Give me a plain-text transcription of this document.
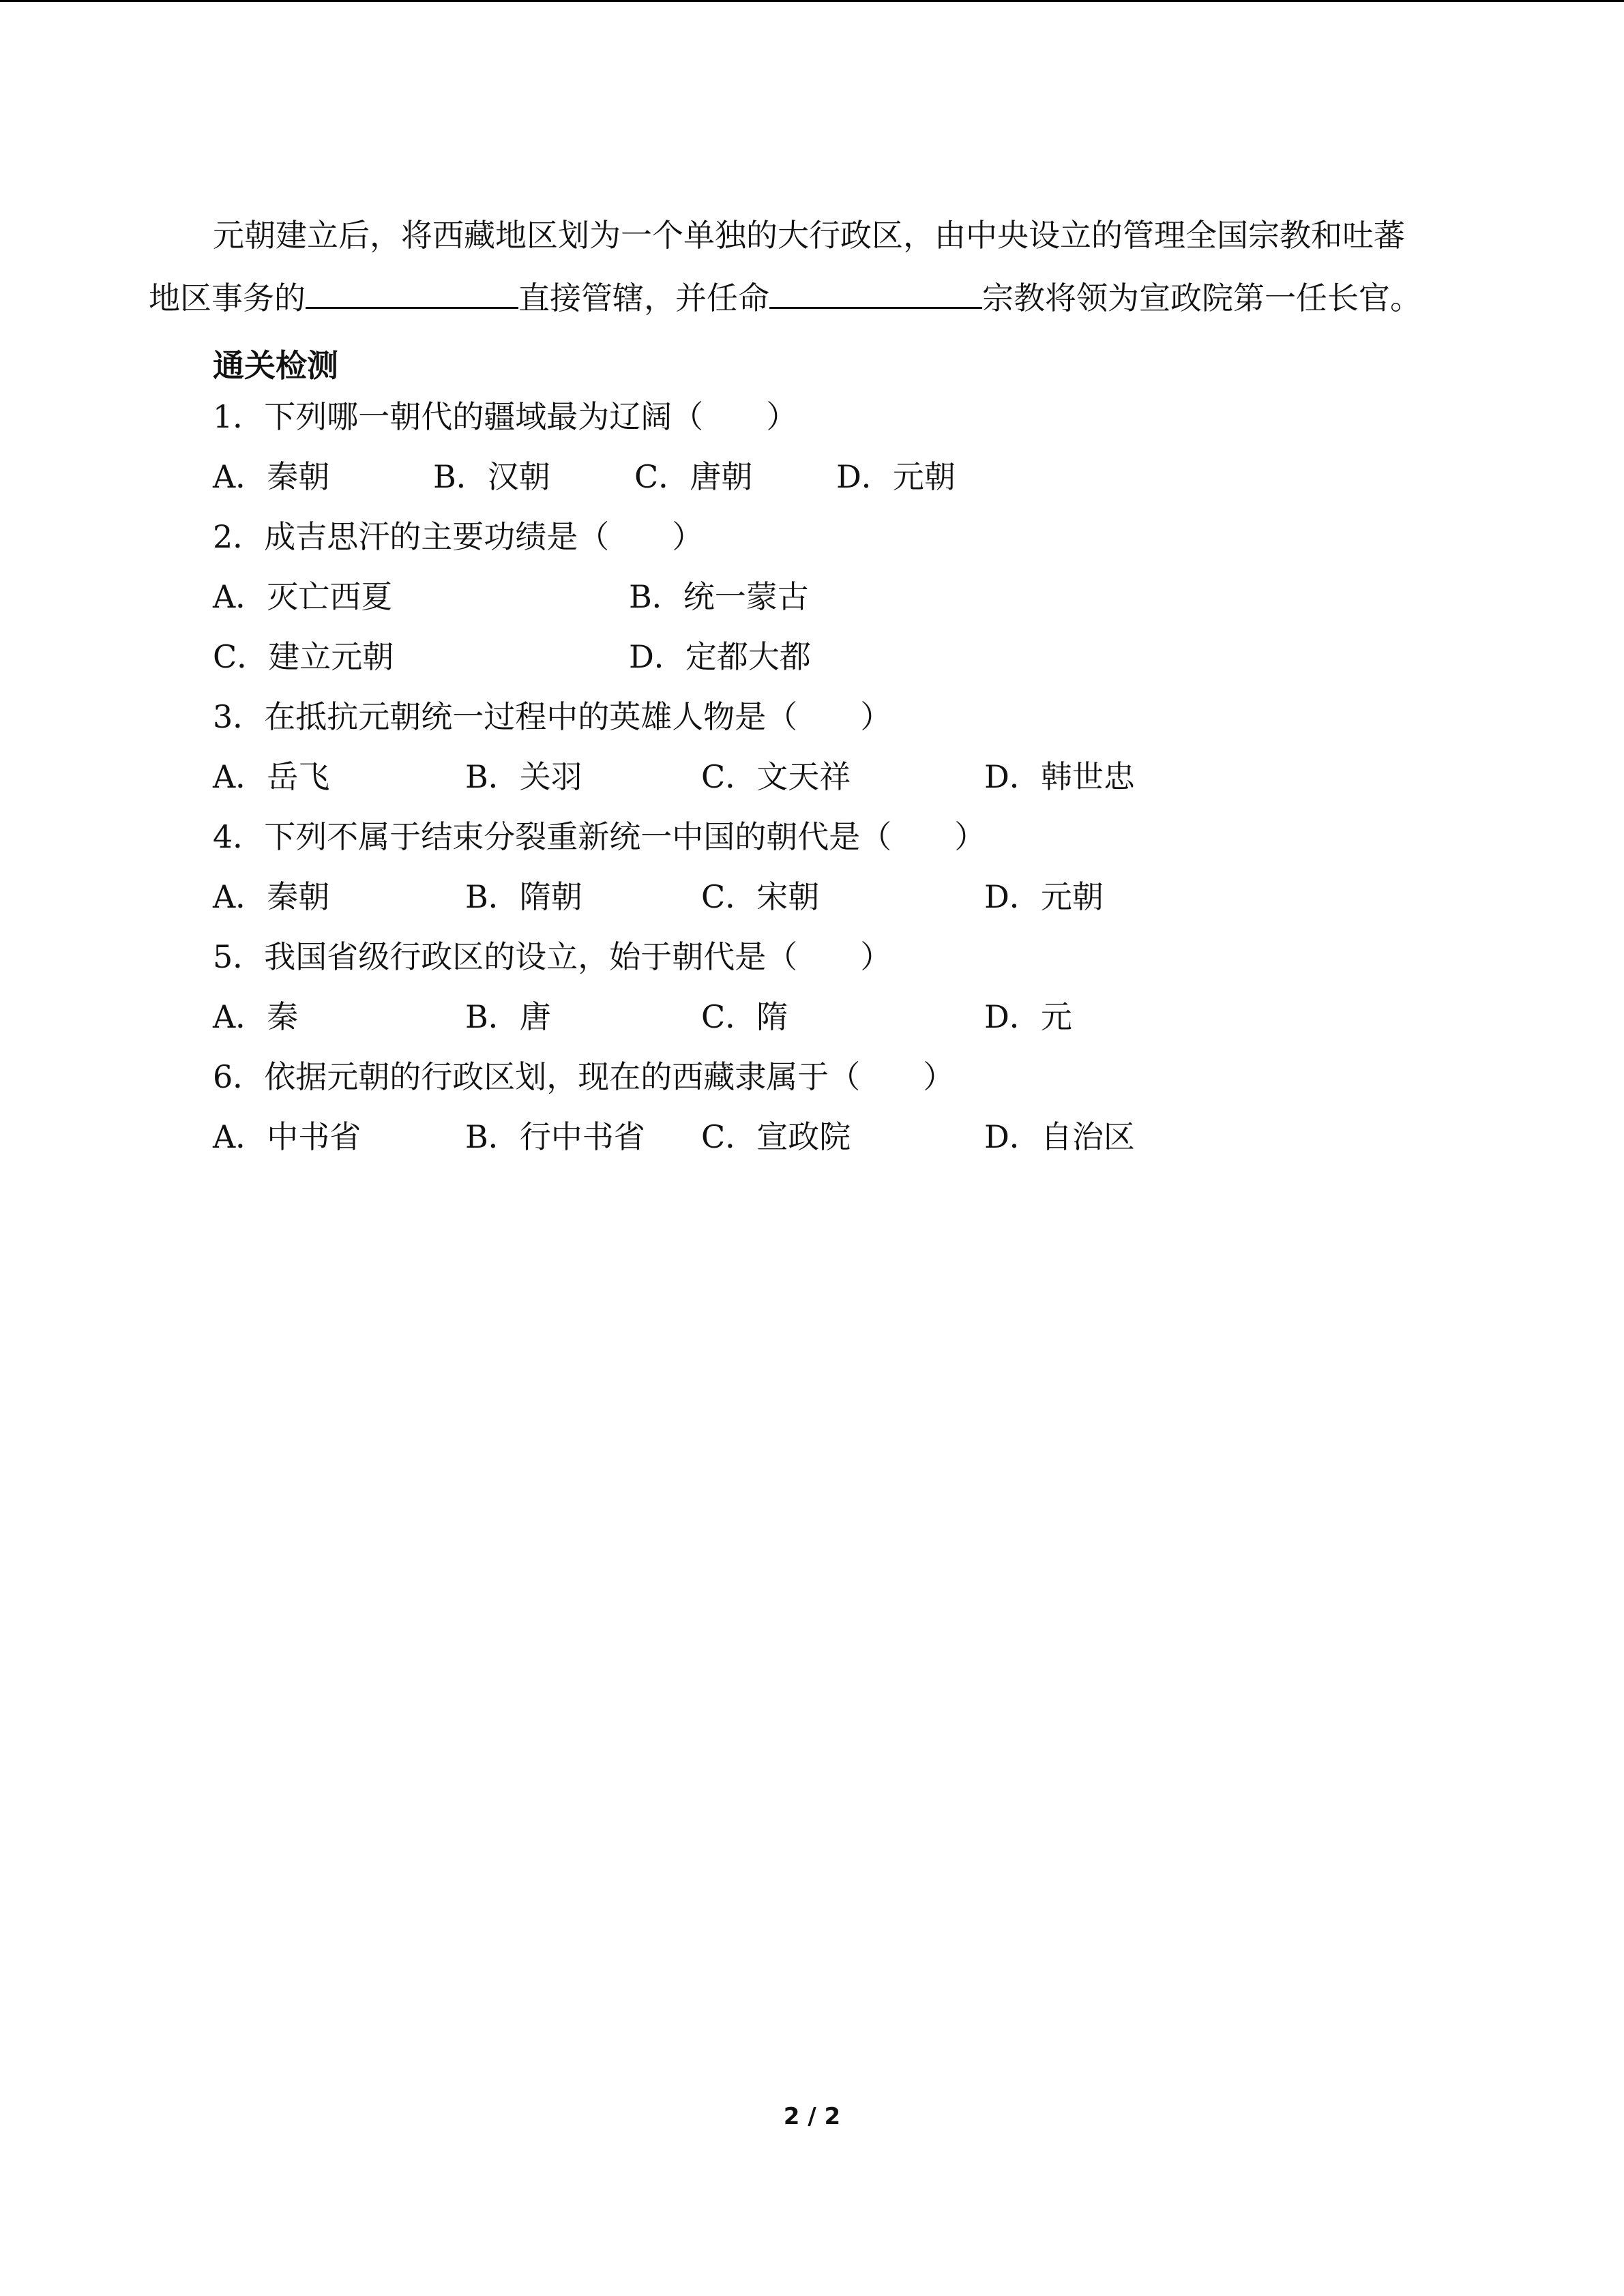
元朝建立后，将西藏地区划为一个单独的大行政区，由中央设立的管理全国宗教和吐蕃
地区事务的	直接管辖，并任命	宗教将领为宣政院第一任长官。
通关检测
1．下列哪一朝代的疆域最为辽阔（　　）
A．秦朝	B．汉朝	C．唐朝	D．元朝
2．成吉思汗的主要功绩是（　　）
A．灭亡西夏	B．统一蒙古
C．建立元朝	D．定都大都
3．在抵抗元朝统一过程中的英雄人物是（　　）
A．岳飞	B．关羽	C．文天祥	D．韩世忠
4．下列不属于结束分裂重新统一中国的朝代是（　　）
A．秦朝	B．隋朝	C．宋朝	D．元朝
5．我国省级行政区的设立，始于朝代是（　　）
A．秦	B．唐	C．隋	D．元
6．依据元朝的行政区划，现在的西藏隶属于（　　）
A．中书省	B．行中书省 C．宣政院	D．自治区
2 / 2
